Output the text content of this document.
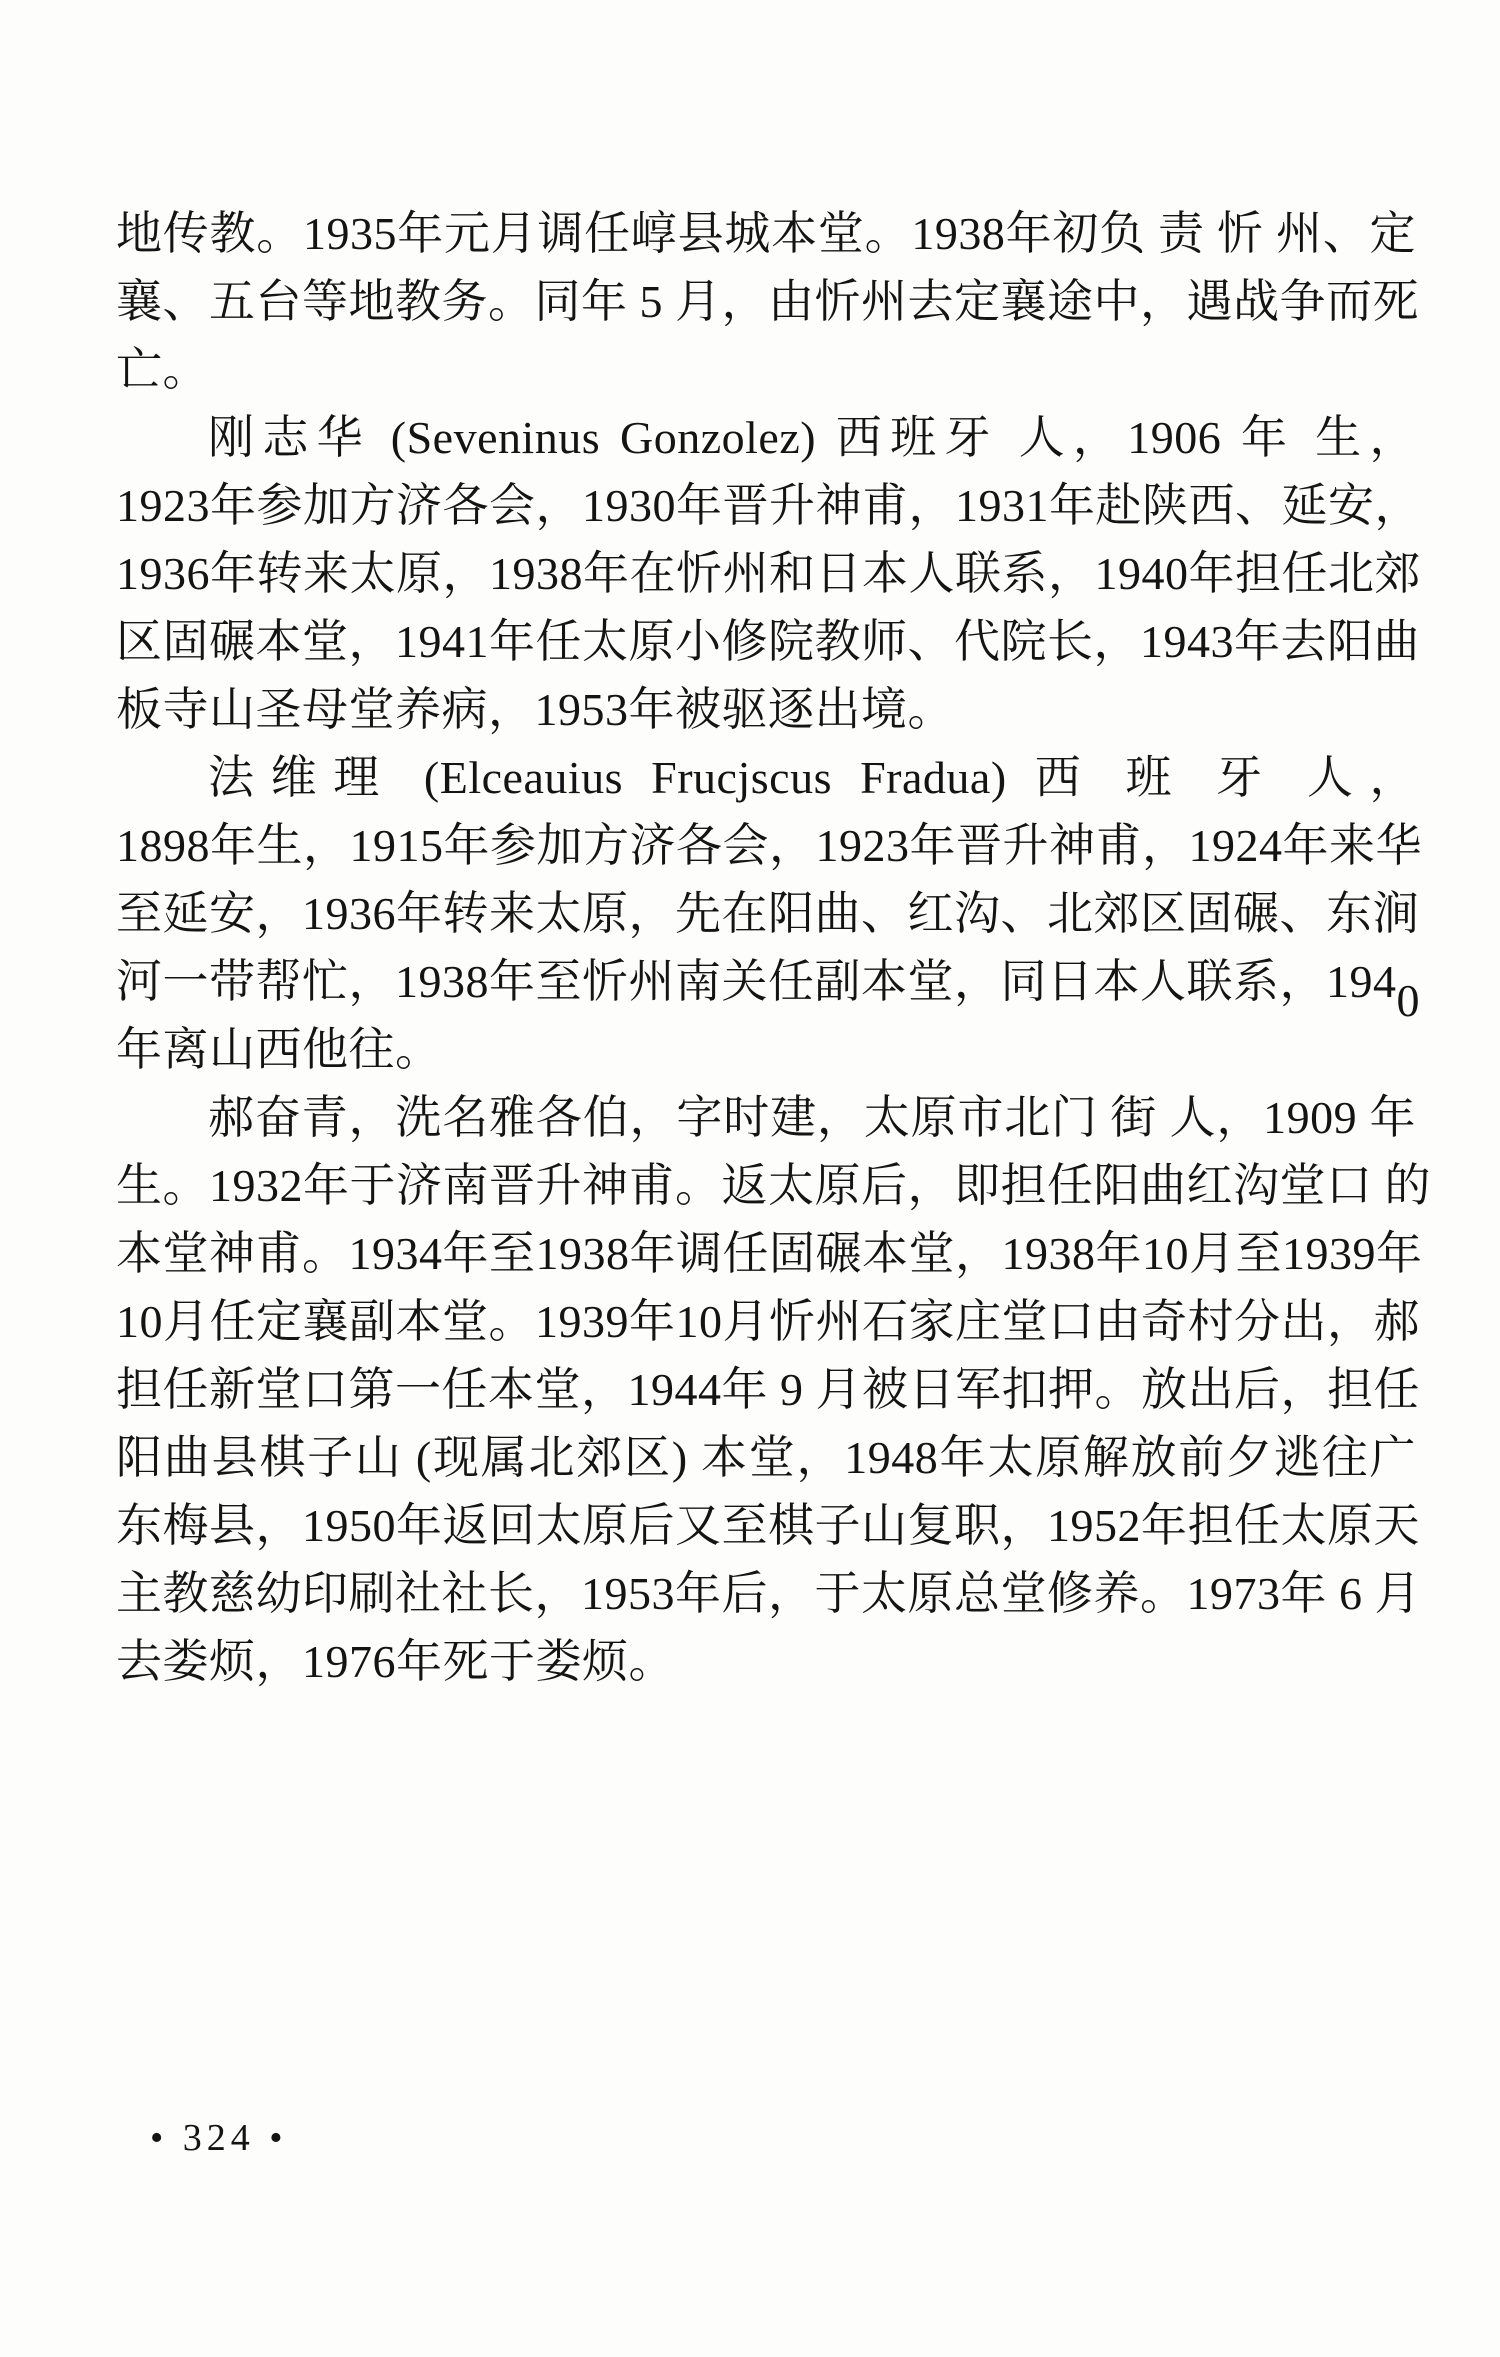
地传教。1935年元月调任崞县城本堂。1938年初负 责 忻 州、定
襄、五台等地教务。同年 5 月，由忻州去定襄途中，遇战争而死
亡。
刚志华 (Seveninus Gonzolez) 西班牙 人，1906 年 生，
1923年参加方济各会，1930年晋升神甫，1931年赴陕西、延安，
1936年转来太原，1938年在忻州和日本人联系，1940年担任北郊
区固碾本堂，1941年任太原小修院教师、代院长，1943年去阳曲
板寺山圣母堂养病，1953年被驱逐出境。
法维理 (Elceauius Frucjscus Fradua) 西 班 牙 人，
1898年生，1915年参加方济各会，1923年晋升神甫，1924年来华
至延安，1936年转来太原，先在阳曲、红沟、北郊区固碾、东涧
河一带帮忙，1938年至忻州南关任副本堂，同日本人联系，1940
年离山西他往。
郝奋青，洗名雅各伯，字时建，太原市北门 街 人，1909 年
生。1932年于济南晋升神甫。返太原后，即担任阳曲红沟堂口 的
本堂神甫。1934年至1938年调任固碾本堂，1938年10月至1939年
10月任定襄副本堂。1939年10月忻州石家庄堂口由奇村分出，郝
担任新堂口第一任本堂，1944年 9 月被日军扣押。放出后，担任
阳曲县棋子山 (现属北郊区) 本堂，1948年太原解放前夕逃往广
东梅县，1950年返回太原后又至棋子山复职，1952年担任太原天
主教慈幼印刷社社长，1953年后，于太原总堂修养。1973年 6 月
去娄烦，1976年死于娄烦。
• 324 •
